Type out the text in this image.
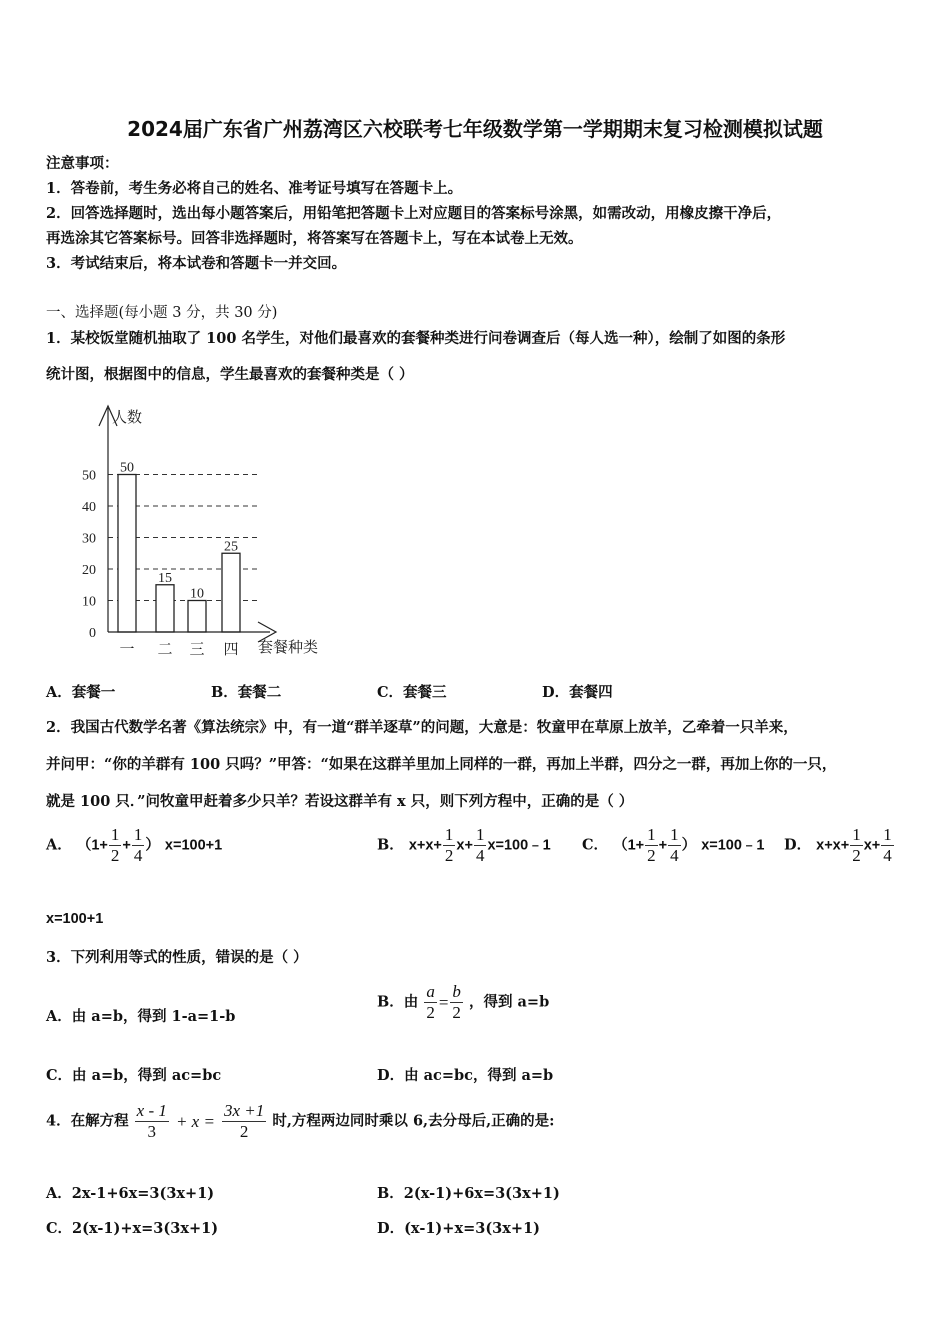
2024届广东省广州荔湾区六校联考七年级数学第一学期期末复习检测模拟试题
注意事项：
1．答卷前，考生务必将自己的姓名、准考证号填写在答题卡上。
2．回答选择题时，选出每小题答案后，用铅笔把答题卡上对应题目的答案标号涂黑，如需改动，用橡皮擦干净后，
再选涂其它答案标号。回答非选择题时，将答案写在答题卡上，写在本试卷上无效。
3．考试结束后，将本试卷和答题卡一并交回。
一、选择题(每小题 3 分，共 30 分)
1．某校饭堂随机抽取了 100 名学生，对他们最喜欢的套餐种类进行问卷调查后（每人选一种），绘制了如图的条形
统计图，根据图中的信息，学生最喜欢的套餐种类是（ ）
50
15
10
25
0
10
20
30
40
50
人数
套餐种类
一 二 三 四
A．套餐一	B．套餐二	C．套餐三	D．套餐四
2．我国古代数学名著《算法统宗》中，有一道“群羊逐草”的问题，大意是：牧童甲在草原上放羊，乙牵着一只羊来，
并问甲：“你的羊群有 100 只吗？”甲答：“如果在这群羊里加上同样的一群，再加上半群，四分之一群，再加上你的一只，
就是 100 只．”问牧童甲赶着多少只羊？若设这群羊有 x 只，则下列方程中，正确的是（ ）
A． （$1+ \frac{1}{2} + \frac{1}{4}$ ） x=100+1	B． $x+x+ \frac{1}{2} x+ \frac{1}{4}$ x=100﹣1 C． （$1+ \frac{1}{2} + \frac{1}{4}$ ） x=100﹣1 D． $x+x+ \frac{1}{2} x+ \frac{1}{4}$
x=100+1
3．下列利用等式的性质，错误的是（ ）
A．由 a=b，得到 1-a=1-b
B．由 $\frac{a}{2} = \frac{b}{2}$ ，得到 a=b
C．由 a=b，得到 ac=bc	D．由 ac=bc，得到 a=b
4．在解方程 $\frac{x - 1}{3} + x = \frac{3x +1}{2}$ 时,方程两边同时乘以 6,去分母后,正确的是:
A．2x-1+6x=3(3x+1)	B．2(x-1)+6x=3(3x+1)
C．2(x-1)+x=3(3x+1)	D．(x-1)+x=3(3x+1)
